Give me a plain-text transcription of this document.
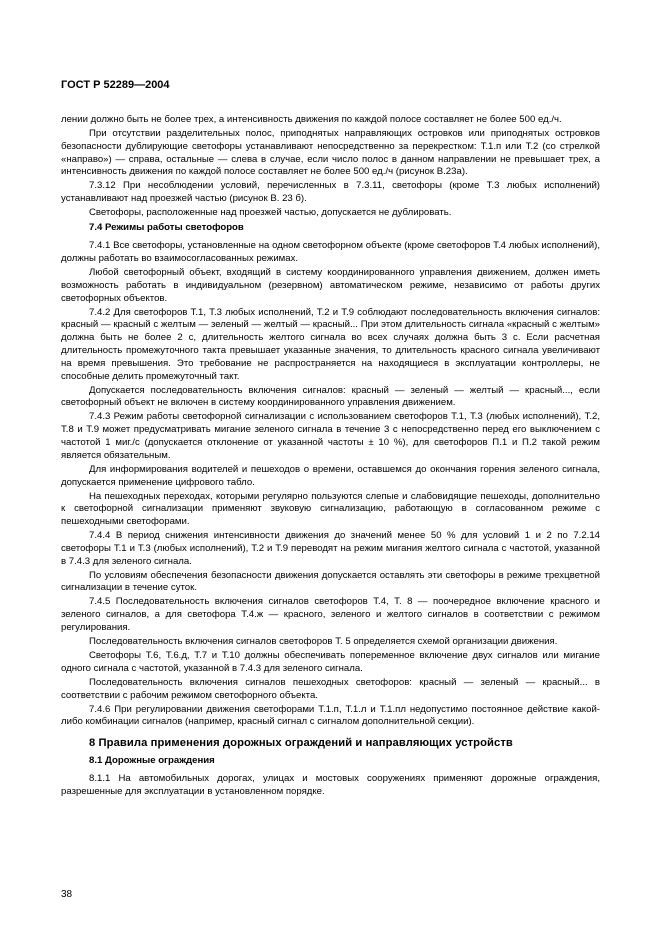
ГОСТ Р 52289—2004

лении должно быть не более трех, а интенсивность движения по каждой полосе составляет не более 500 ед./ч.

При отсутствии разделительных полос, приподнятых направляющих островков или приподнятых островков безопасности дублирующие светофоры устанавливают непосредственно за перекрестком: Т.1.п или Т.2 (со стрелкой «направо») — справа, остальные — слева в случае, если число полос в данном направлении не превышает трех, а интенсивность движения по каждой полосе составляет не более 500 ед./ч (рисунок В.23а).

7.3.12 При несоблюдении условий, перечисленных в 7.3.11, светофоры (кроме Т.3 любых исполнений) устанавливают над проезжей частью (рисунок В. 23 б).

Светофоры, расположенные над проезжей частью, допускается не дублировать.

7.4 Режимы работы светофоров

7.4.1 Все светофоры, установленные на одном светофорном объекте (кроме светофоров Т.4 любых исполнений), должны работать во взаимосогласованных режимах.

Любой светофорный объект, входящий в систему координированного управления движением, должен иметь возможность работать в индивидуальном (резервном) автоматическом режиме, независимо от работы других светофорных объектов.

7.4.2 Для светофоров Т.1, Т.3 любых исполнений, Т.2 и Т.9 соблюдают последовательность включения сигналов: красный — красный с желтым — зеленый — желтый — красный... При этом длительность сигнала «красный с желтым» должна быть не более 2 с, длительность желтого сигнала во всех случаях должна быть 3 с. Если расчетная длительность промежуточного такта превышает указанные значения, то длительность красного сигнала увеличивают на время превышения. Это требование не распространяется на находящиеся в эксплуатации контроллеры, не способные делить промежуточный такт.

Допускается последовательность включения сигналов: красный — зеленый — желтый — красный..., если светофорный объект не включен в систему координированного управления движением.

7.4.3 Режим работы светофорной сигнализации с использованием светофоров Т.1, Т.3 (любых исполнений), Т.2, Т.8 и Т.9 может предусматривать мигание зеленого сигнала в течение 3 с непосредственно перед его выключением с частотой 1 миг./с (допускается отклонение от указанной частоты ± 10 %), для светофоров П.1 и П.2 такой режим является обязательным.

Для информирования водителей и пешеходов о времени, оставшемся до окончания горения зеленого сигнала, допускается применение цифрового табло.

На пешеходных переходах, которыми регулярно пользуются слепые и слабовидящие пешеходы, дополнительно к светофорной сигнализации применяют звуковую сигнализацию, работающую в согласованном режиме с пешеходными светофорами.

7.4.4 В период снижения интенсивности движения до значений менее 50 % для условий 1 и 2 по 7.2.14 светофоры Т.1 и Т.3 (любых исполнений), Т.2 и Т.9 переводят на режим мигания желтого сигнала с частотой, указанной в 7.4.3 для зеленого сигнала.

По условиям обеспечения безопасности движения допускается оставлять эти светофоры в режиме трехцветной сигнализации в течение суток.

7.4.5 Последовательность включения сигналов светофоров Т.4, Т. 8 — поочередное включение красного и зеленого сигналов, а для светофора Т.4.ж — красного, зеленого и желтого сигналов в соответствии с режимом регулирования.

Последовательность включения сигналов светофоров Т. 5 определяется схемой организации движения.

Светофоры Т.6, Т.6.д, Т.7 и Т.10 должны обеспечивать попеременное включение двух сигналов или мигание одного сигнала с частотой, указанной в 7.4.3 для зеленого сигнала.

Последовательность включения сигналов пешеходных светофоров: красный — зеленый — красный... в соответствии с рабочим режимом светофорного объекта.

7.4.6 При регулировании движения светофорами Т.1.п, Т.1.л и Т.1.пл недопустимо постоянное действие какой-либо комбинации сигналов (например, красный сигнал с сигналом дополнительной секции).

8 Правила применения дорожных ограждений и направляющих устройств
8.1 Дорожные ограждения

8.1.1 На автомобильных дорогах, улицах и мостовых сооружениях применяют дорожные ограждения, разрешенные для эксплуатации в установленном порядке.

38
